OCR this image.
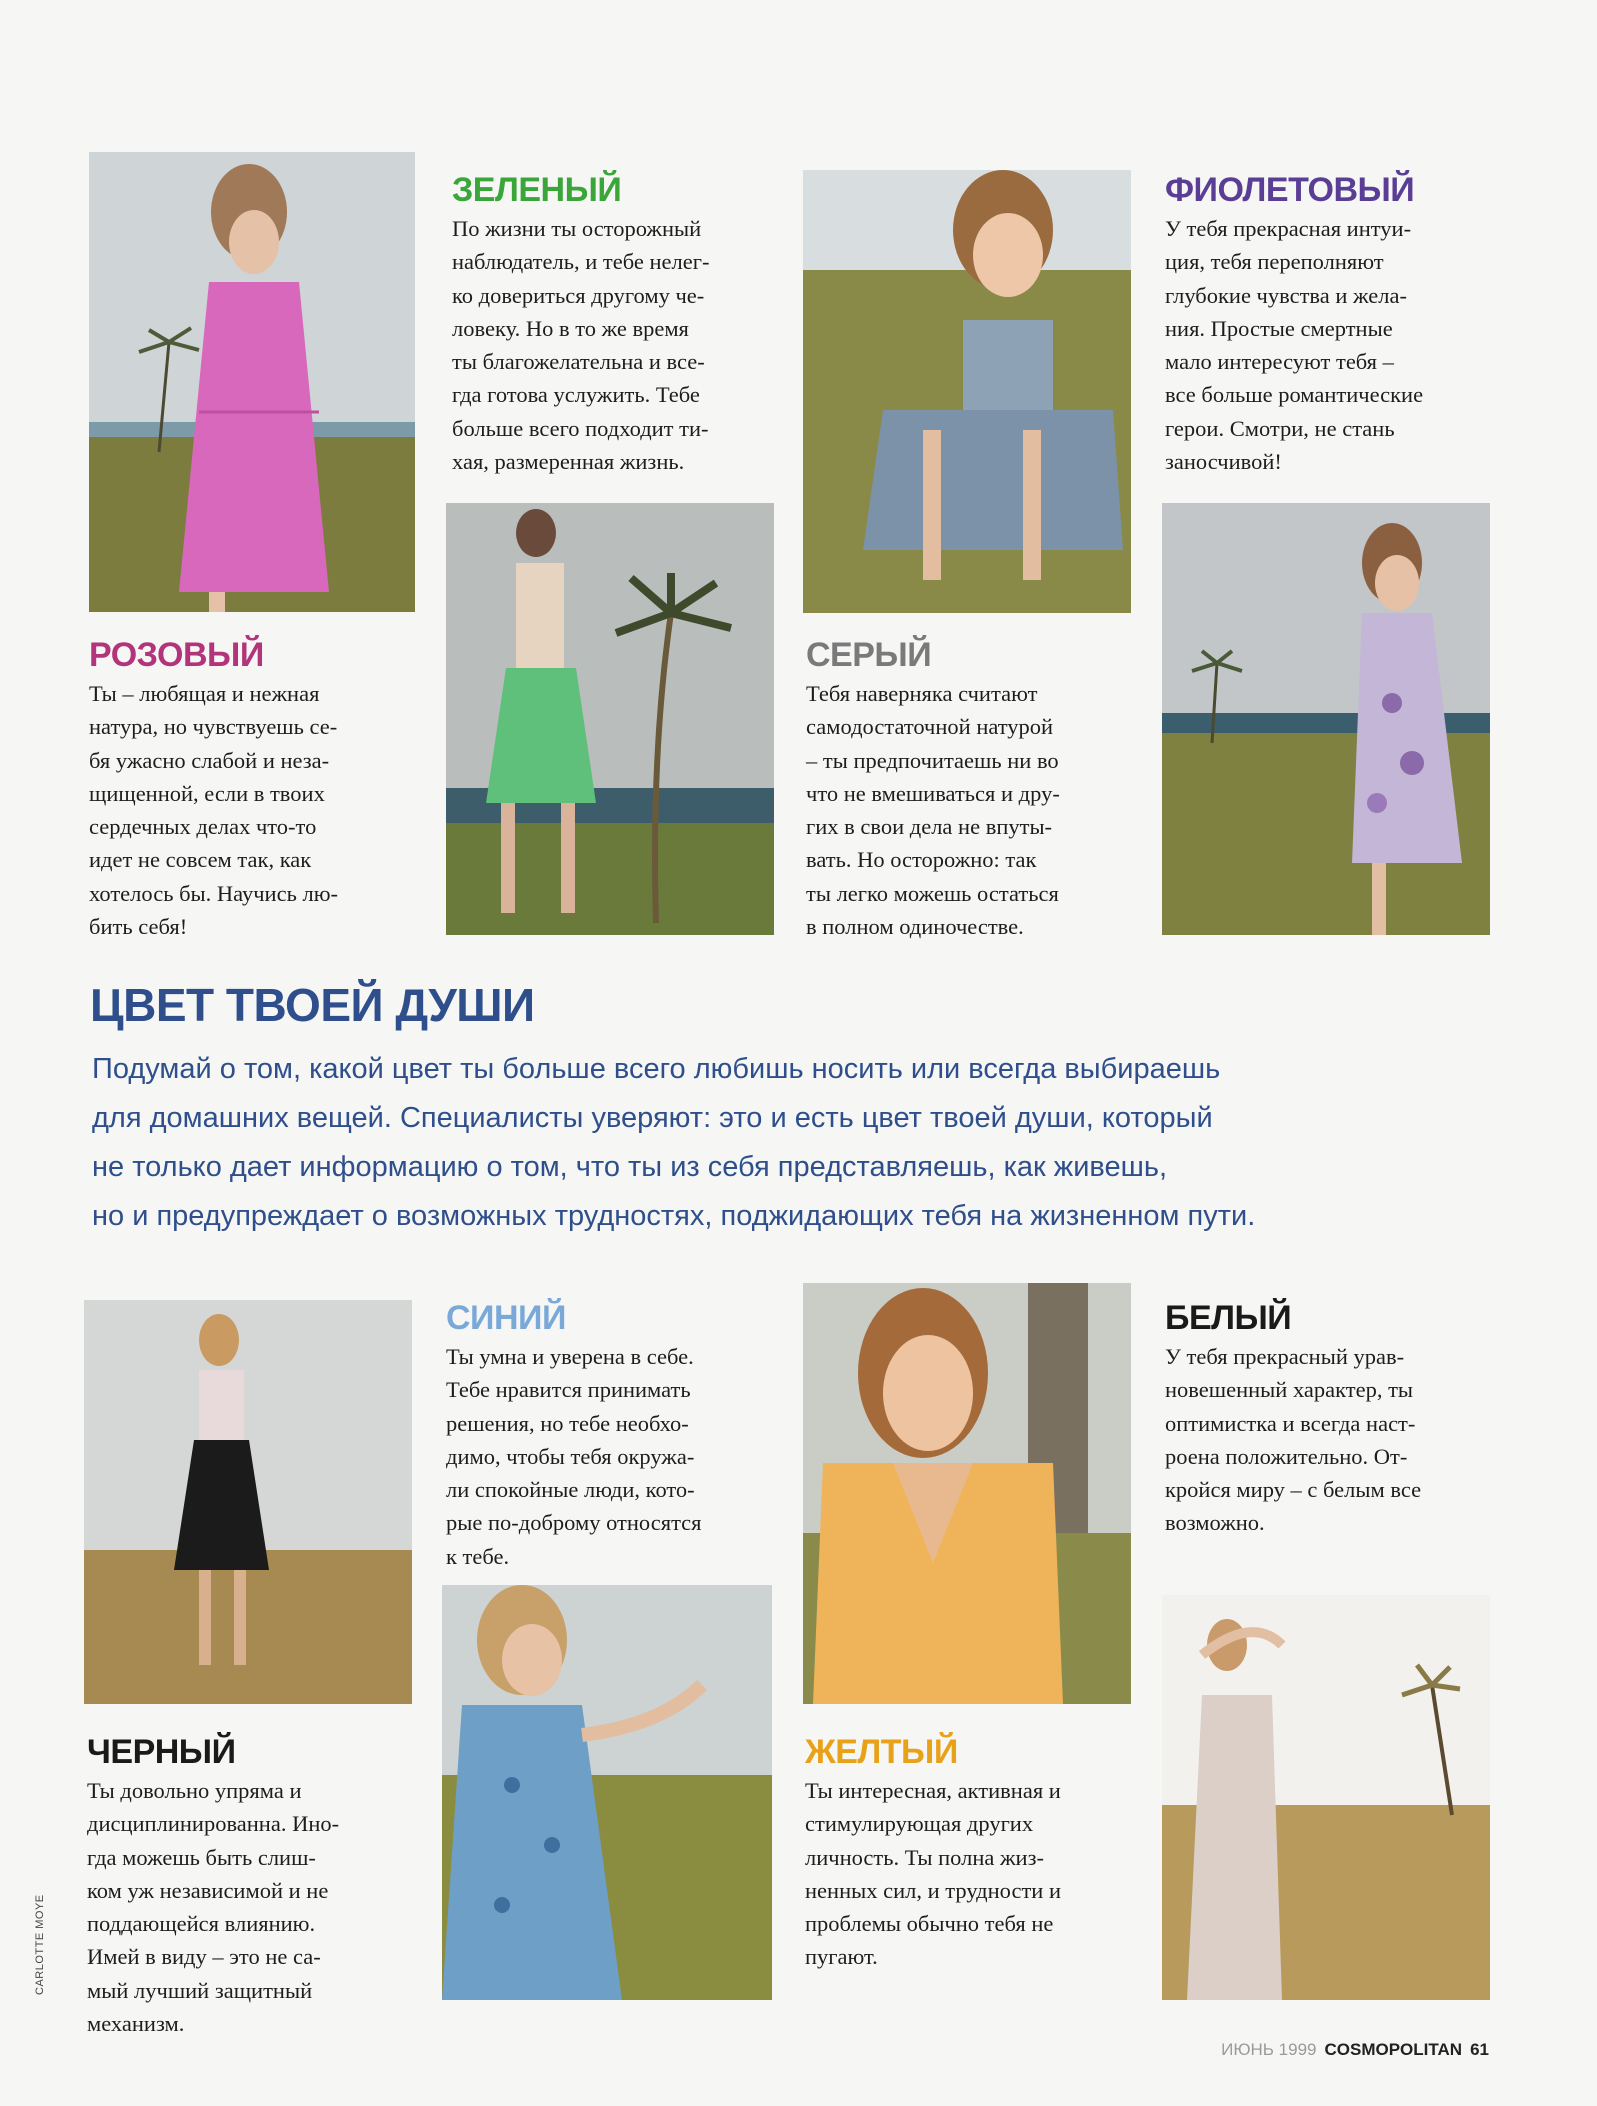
ЗЕЛЕНЫЙ

По жизни ты осторожный
наблюдатель, и тебе нелег-
ко довериться другому че-
ловеку. Но в то же время
ты благожелательна и все-
гда готова услужить. Тебе
больше всего подходит ти-
хая, размеренная жизнь.

ФИОЛЕТОВЫЙ

У тебя прекрасная интуи-
ция, тебя переполняют
глубокие чувства и жела-
ния. Простые смертные
мало интересуют тебя –
все больше романтические
герои. Смотри, не стань
заносчивой!

РОЗОВЫЙ

Ты – любящая и нежная
натура, но чувствуешь се-
бя ужасно слабой и неза-
щищенной, если в твоих
сердечных делах что-то
идет не совсем так, как
хотелось бы. Научись лю-
бить себя!

СЕРЫЙ

Тебя наверняка считают
самодостаточной натурой
– ты предпочитаешь ни во
что не вмешиваться и дру-
гих в свои дела не впуты-
вать. Но осторожно: так
ты легко можешь остаться
в полном одиночестве.

ЦВЕТ ТВОЕЙ ДУШИ

Подумай о том, какой цвет ты больше всего любишь носить или всегда выбираешь
для домашних вещей. Специалисты уверяют: это и есть цвет твоей души, который
не только дает информацию о том, что ты из себя представляешь, как живешь,
но и предупреждает о возможных трудностях, поджидающих тебя на жизненном пути.

СИНИЙ

Ты умна и уверена в себе.
Тебе нравится принимать
решения, но тебе необхо-
димо, чтобы тебя окружа-
ли спокойные люди, кото-
рые по-доброму относятся
к тебе.

БЕЛЫЙ

У тебя прекрасный урав-
новешенный характер, ты
оптимистка и всегда наст-
роена положительно. От-
кройся миру – с белым все
возможно.

ЧЕРНЫЙ

Ты довольно упряма и
дисциплинированна. Ино-
гда можешь быть слиш-
ком уж независимой и не
поддающейся влиянию.
Имей в виду – это не са-
мый лучший защитный
механизм.

ЖЕЛТЫЙ

Ты интересная, активная и
стимулирующая других
личность. Ты полна жиз-
ненных сил, и трудности и
проблемы обычно тебя не
пугают.

CARLOTTE MOYE
ИЮНЬ 1999 COSMOPOLITAN 61
